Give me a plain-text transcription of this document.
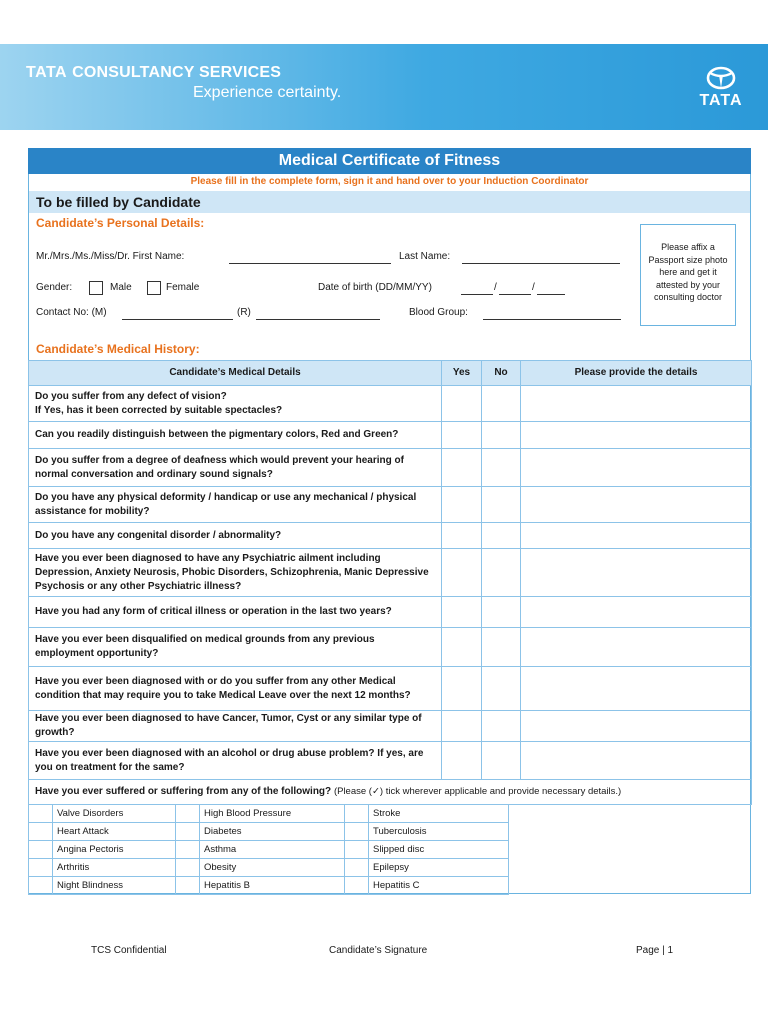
TATA CONSULTANCY SERVICES
Experience certainty.	TATA
Medical Certificate of Fitness
Please fill in the complete form, sign it and hand over to your Induction Coordinator
To be filled by Candidate
Candidate’s Personal Details:
Mr./Mrs./Ms./Miss/Dr. First Name:	Last Name:
Gender:	Male	Female	Date of birth (DD/MM/YY)	/	/
Contact No: (M)	(R)	Blood Group:
Please affix a Passport size photo here and get it attested by your consulting doctor
Candidate’s Medical History:
Candidate’s Medical Details	Yes	No	Please provide the details
Do you suffer from any defect of vision?
If Yes, has it been corrected by suitable spectacles?			
Can you readily distinguish between the pigmentary colors, Red and Green?			
Do you suffer from a degree of deafness which would prevent your hearing of normal conversation and ordinary sound signals?			
Do you have any physical deformity / handicap or use any mechanical / physical assistance for mobility?			
Do you have any congenital disorder / abnormality?			
Have you ever been diagnosed to have any Psychiatric ailment including Depression, Anxiety Neurosis, Phobic Disorders, Schizophrenia, Manic Depressive Psychosis or any other Psychiatric illness?			
Have you had any form of critical illness or operation in the last two years?			
Have you ever been disqualified on medical grounds from any previous employment opportunity?			
Have you ever been diagnosed with or do you suffer from any other Medical condition that may require you to take Medical Leave over the next 12 months?			
Have you ever been diagnosed to have Cancer, Tumor, Cyst or any similar type of growth?			
Have you ever been diagnosed with an alcohol or drug abuse problem? If yes, are you on treatment for the same?			
Have you ever suffered or suffering from any of the following? (Please (✓) tick wherever applicable and provide necessary details.)			
	Valve Disorders		High Blood Pressure		Stroke
	Heart Attack		Diabetes		Tuberculosis
	Angina Pectoris		Asthma		Slipped disc
	Arthritis		Obesity		Epilepsy
	Night Blindness		Hepatitis B		Hepatitis C
TCS Confidential	Candidate’s Signature	Page | 1
